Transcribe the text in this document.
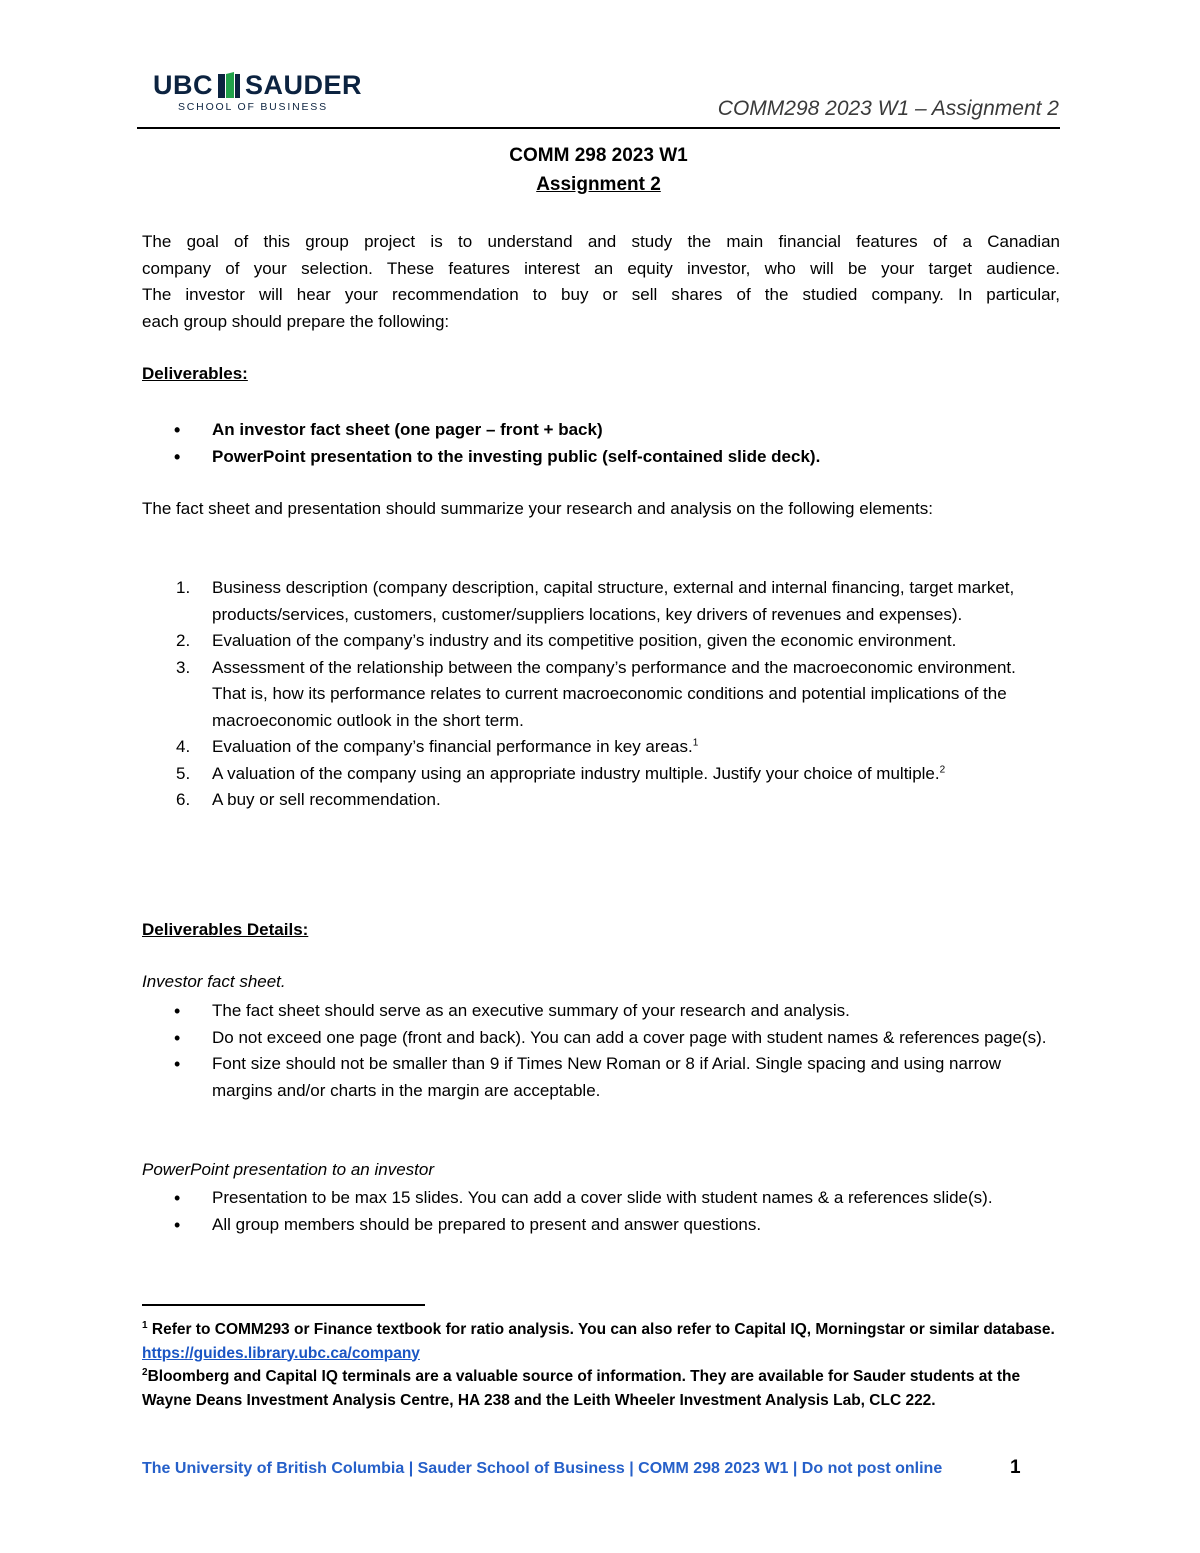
UBC SAUDER
SCHOOL OF BUSINESS	COMM298 2023 W1 – Assignment 2
COMM 298 2023 W1
Assignment 2
The goal of this group project is to understand and study the main financial features of a Canadian
company of your selection. These features interest an equity investor, who will be your target audience.
The investor will hear your recommendation to buy or sell shares of the studied company. In particular,
each group should prepare the following:
Deliverables:
• An investor fact sheet (one pager – front + back)
• PowerPoint presentation to the investing public (self-contained slide deck).
The fact sheet and presentation should summarize your research and analysis on the following elements:
1. Business description (company description, capital structure, external and internal financing, target market, products/services, customers, customer/suppliers locations, key drivers of revenues and expenses).
2. Evaluation of the company’s industry and its competitive position, given the economic environment.
3. Assessment of the relationship between the company’s performance and the macroeconomic environment. That is, how its performance relates to current macroeconomic conditions and potential implications of the macroeconomic outlook in the short term.
4. Evaluation of the company’s financial performance in key areas.$^1$
5. A valuation of the company using an appropriate industry multiple. Justify your choice of multiple.$^2$
6. A buy or sell recommendation.
Deliverables Details:
Investor fact sheet.
• The fact sheet should serve as an executive summary of your research and analysis.
• Do not exceed one page (front and back). You can add a cover page with student names & references page(s).
• Font size should not be smaller than 9 if Times New Roman or 8 if Arial. Single spacing and using narrow margins and/or charts in the margin are acceptable.
PowerPoint presentation to an investor
• Presentation to be max 15 slides. You can add a cover slide with student names & a references slide(s).
• All group members should be prepared to present and answer questions.
$^1$ Refer to COMM293 or Finance textbook for ratio analysis. You can also refer to Capital IQ, Morningstar or similar database. https://guides.library.ubc.ca/company
$^2$Bloomberg and Capital IQ terminals are a valuable source of information. They are available for Sauder students at the Wayne Deans Investment Analysis Centre, HA 238 and the Leith Wheeler Investment Analysis Lab, CLC 222.
The University of British Columbia | Sauder School of Business | COMM 298 2023 W1 | Do not post online	1
